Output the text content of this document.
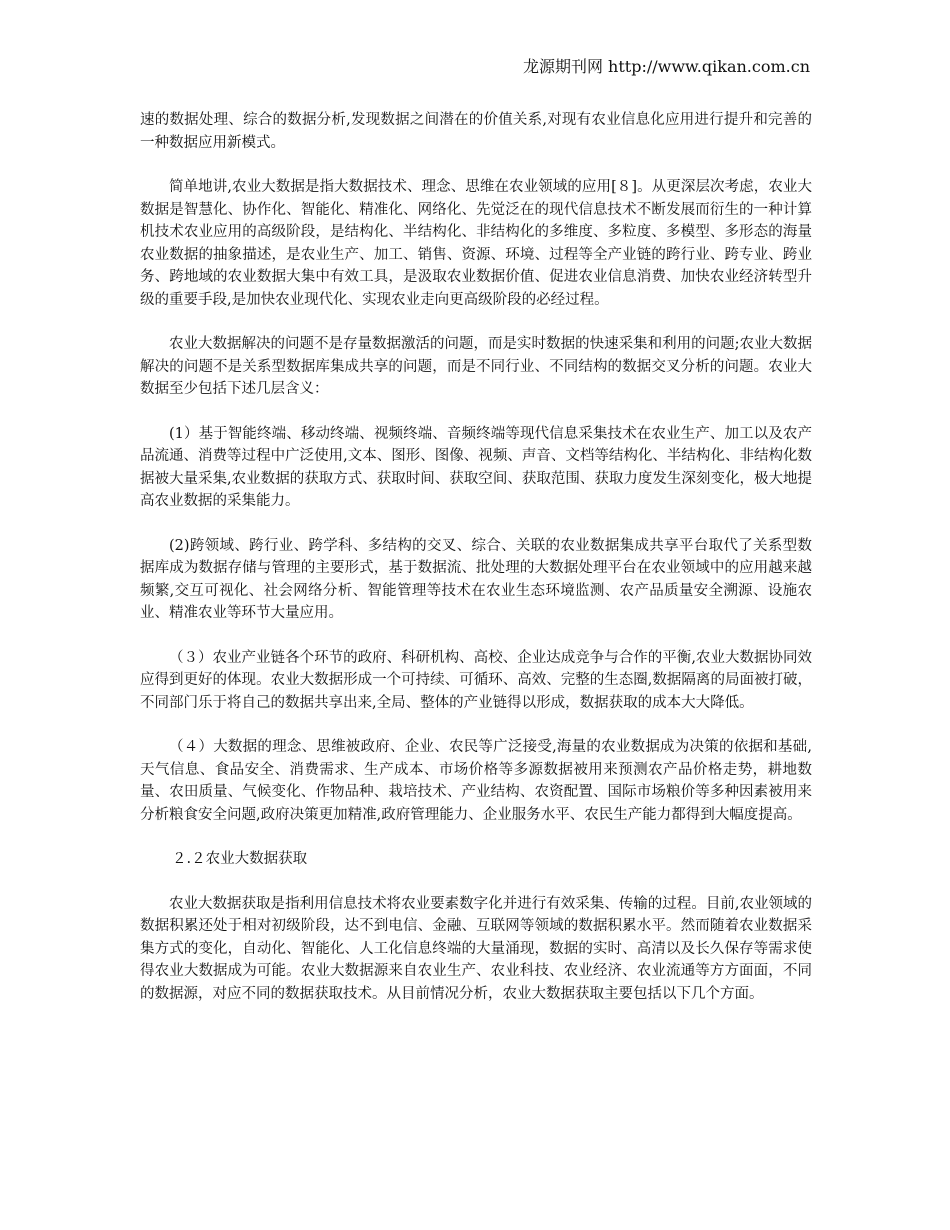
龙源期刊网 http://www.qikan.com.cn

速的数据处理、综合的数据分析,发现数据之间潜在的价值关系,对现有农业信息化应用进行提升和完善的一种数据应用新模式。

简单地讲,农业大数据是指大数据技术、理念、思维在农业领域的应用[８]。从更深层次考虑，农业大数据是智慧化、协作化、智能化、精准化、网络化、先觉泛在的现代信息技术不断发展而衍生的一种计算机技术农业应用的高级阶段，是结构化、半结构化、非结构化的多维度、多粒度、多模型、多形态的海量农业数据的抽象描述，是农业生产、加工、销售、资源、环境、过程等全产业链的跨行业、跨专业、跨业务、跨地域的农业数据大集中有效工具，是汲取农业数据价值、促进农业信息消费、加快农业经济转型升级的重要手段,是加快农业现代化、实现农业走向更高级阶段的必经过程。

农业大数据解决的问题不是存量数据激活的问题，而是实时数据的快速采集和利用的问题;农业大数据解决的问题不是关系型数据库集成共享的问题，而是不同行业、不同结构的数据交叉分析的问题。农业大数据至少包括下述几层含义：

(1）基于智能终端、移动终端、视频终端、音频终端等现代信息采集技术在农业生产、加工以及农产品流通、消费等过程中广泛使用,文本、图形、图像、视频、声音、文档等结构化、半结构化、非结构化数据被大量采集,农业数据的获取方式、获取时间、获取空间、获取范围、获取力度发生深刻变化，极大地提高农业数据的采集能力。

(2)跨领域、跨行业、跨学科、多结构的交叉、综合、关联的农业数据集成共享平台取代了关系型数据库成为数据存储与管理的主要形式，基于数据流、批处理的大数据处理平台在农业领域中的应用越来越频繁,交互可视化、社会网络分析、智能管理等技术在农业生态环境监测、农产品质量安全溯源、设施农业、精准农业等环节大量应用。

（３）农业产业链各个环节的政府、科研机构、高校、企业达成竞争与合作的平衡,农业大数据协同效应得到更好的体现。农业大数据形成一个可持续、可循环、高效、完整的生态圈,数据隔离的局面被打破，不同部门乐于将自己的数据共享出来,全局、整体的产业链得以形成，数据获取的成本大大降低。

（４）大数据的理念、思维被政府、企业、农民等广泛接受,海量的农业数据成为决策的依据和基础,天气信息、食品安全、消费需求、生产成本、市场价格等多源数据被用来预测农产品价格走势，耕地数量、农田质量、气候变化、作物品种、栽培技术、产业结构、农资配置、国际市场粮价等多种因素被用来分析粮食安全问题,政府决策更加精准,政府管理能力、企业服务水平、农民生产能力都得到大幅度提高。

２.２农业大数据获取

农业大数据获取是指利用信息技术将农业要素数字化并进行有效采集、传输的过程。目前,农业领域的数据积累还处于相对初级阶段，达不到电信、金融、互联网等领域的数据积累水平。然而随着农业数据采集方式的变化，自动化、智能化、人工化信息终端的大量涌现，数据的实时、高清以及长久保存等需求使得农业大数据成为可能。农业大数据源来自农业生产、农业科技、农业经济、农业流通等方方面面，不同的数据源，对应不同的数据获取技术。从目前情况分析，农业大数据获取主要包括以下几个方面。
